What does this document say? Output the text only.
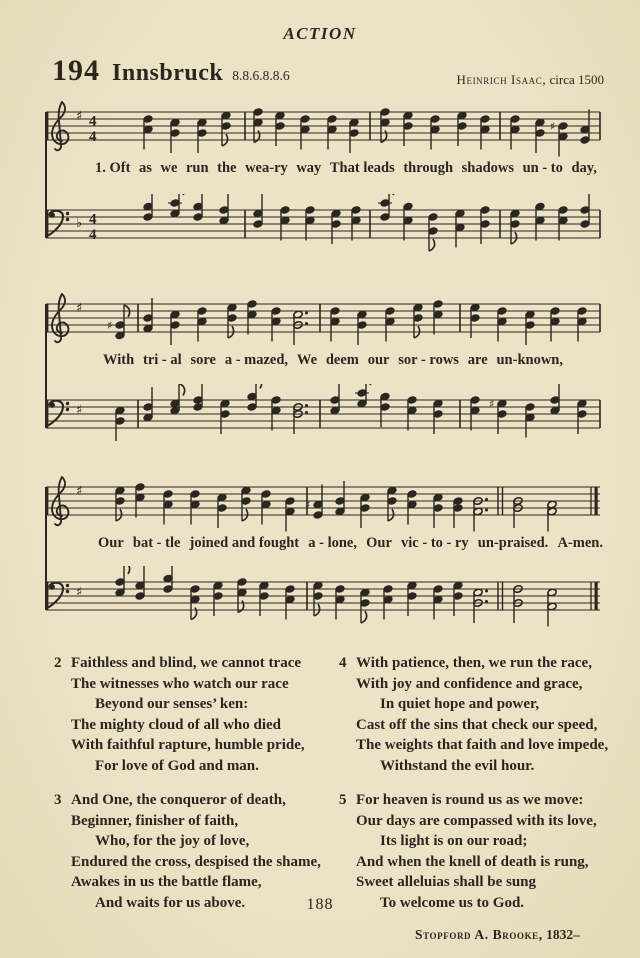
ACTION
194 Innsbruck 8.8.6.8.8.6	Heinrich Isaac, circa 1500
♯ 4
4
♯
1. Oft as we run the wea-ry way That leads through shadows un - to day,
♭ 4
4
♯
♯
With tri - al sore a - mazed, We deem our sor - rows are un-known,
♯	♯
♯
♯
Our bat - tle joined and fought a - lone, Our vic - to - ry un-praised. A-men.
♯
2 Faithless and blind, we cannot trace
The witnesses who watch our race
Beyond our senses’ ken:
The mighty cloud of all who died
With faithful rapture, humble pride,
For love of God and man.
3 And One, the conqueror of death,
Beginner, finisher of faith,
Who, for the joy of love,
Endured the cross, despised the shame,
Awakes in us the battle flame,
And waits for us above.
4 With patience, then, we run the race,
With joy and confidence and grace,
In quiet hope and power,
Cast off the sins that check our speed,
The weights that faith and love impede,
Withstand the evil hour.
5 For heaven is round us as we move:
Our days are compassed with its love,
Its light is on our road;
And when the knell of death is rung,
Sweet alleluias shall be sung
To welcome us to God.
Stopford A. Brooke, 1832–
188
